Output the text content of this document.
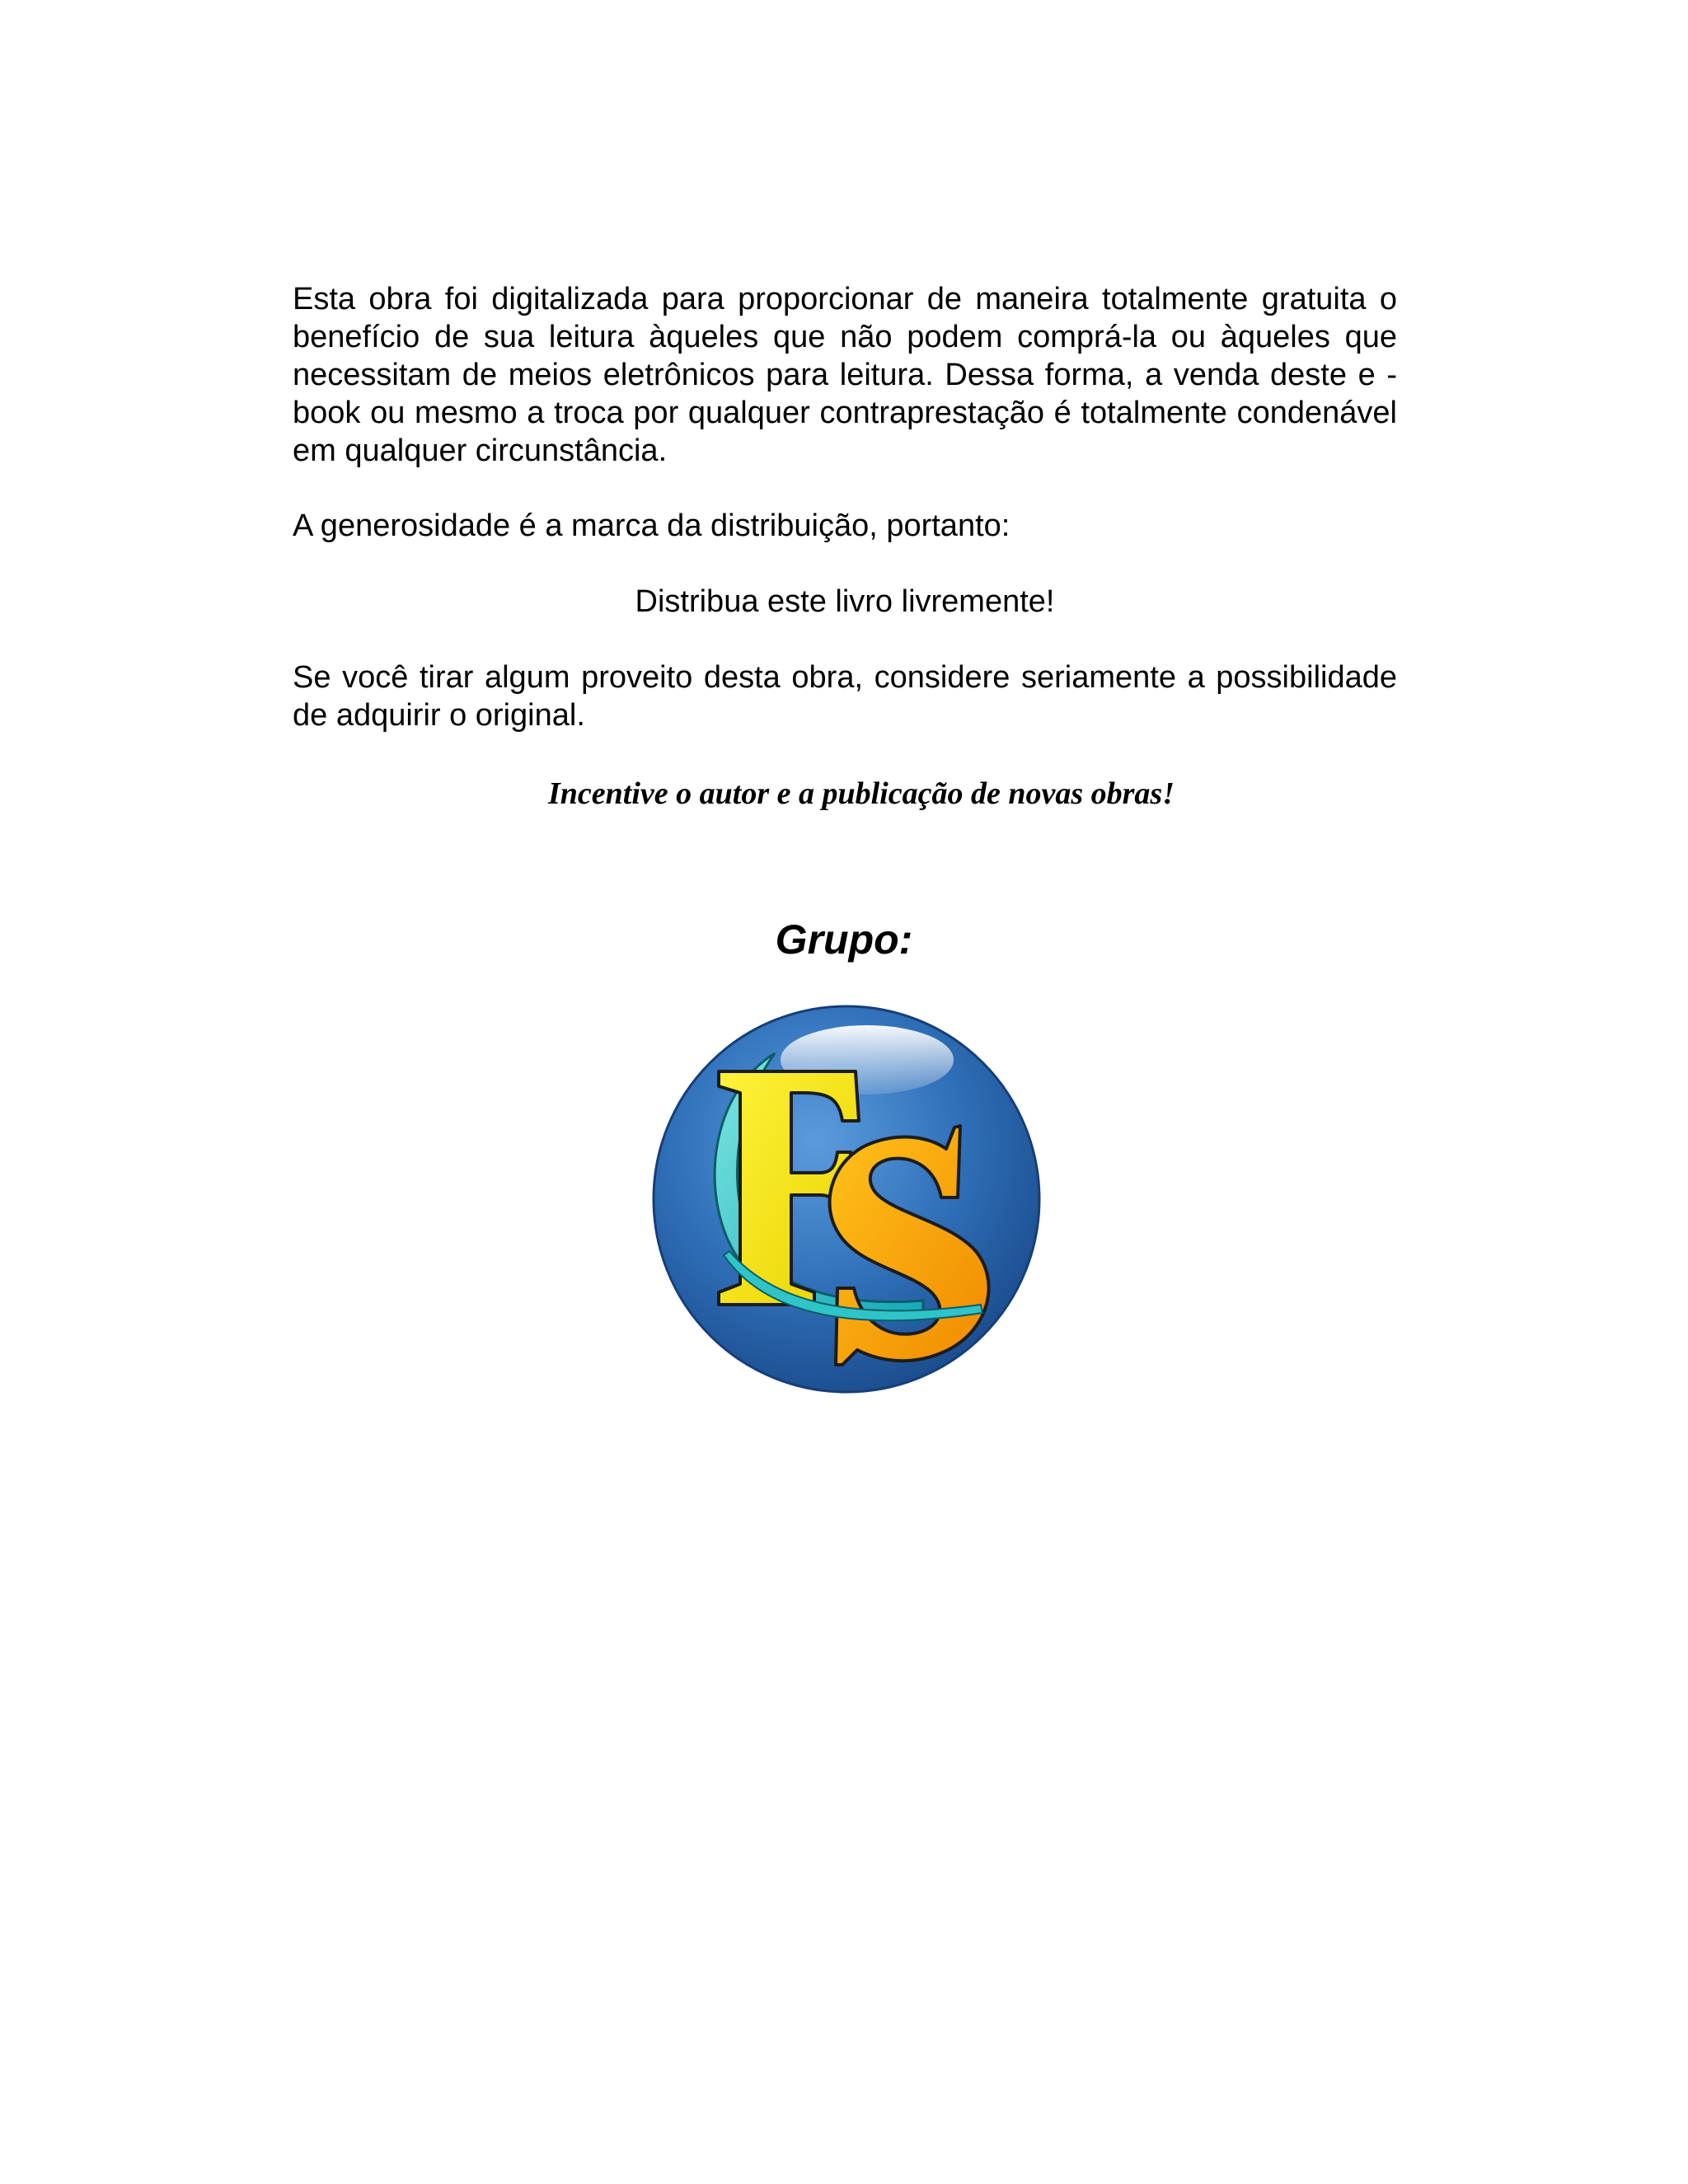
Esta obra foi digitalizada para proporcionar de maneira totalmente gratuita o benefício de sua leitura àqueles que não podem comprá-la ou àqueles que necessitam de meios eletrônicos para leitura. Dessa forma, a venda deste e - book ou mesmo a troca por qualquer contraprestação é totalmente condenável em qualquer circunstância.

A generosidade é a marca da distribuição, portanto:

Distribua este livro livremente!

Se você tirar algum proveito desta obra, considere seriamente a possibilidade de adquirir o original.

Incentive o autor e a publicação de novas obras!

Grupo:
